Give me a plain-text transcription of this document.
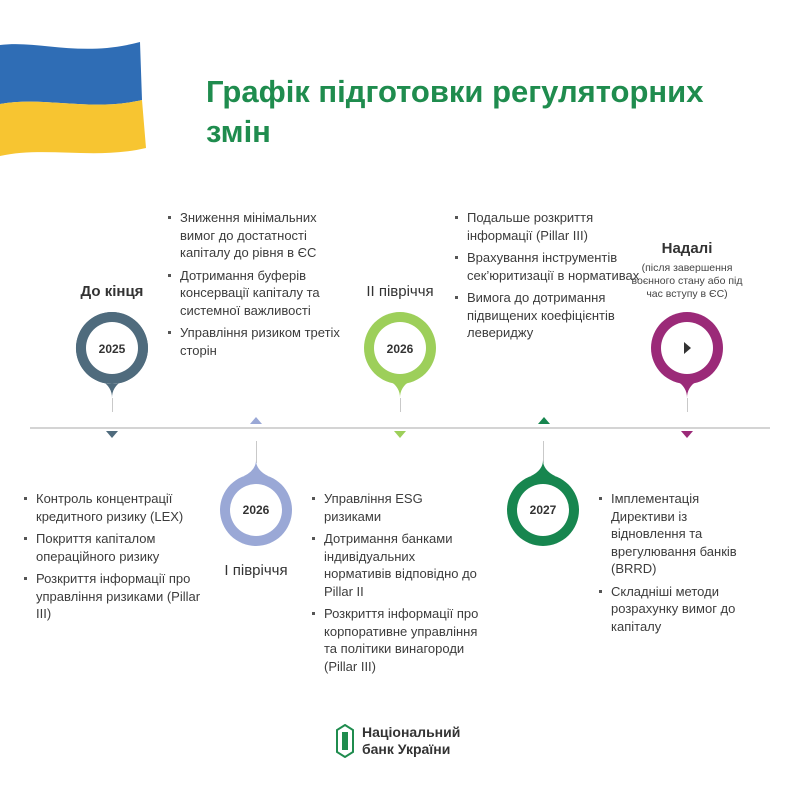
Графік підготовки регуляторних змін
До кінця
2025
2026
І півріччя
ІІ півріччя
2026
2027
Надалі
(після завершення воєнного стану або під час вступу в ЄС)
Контроль концентрації кредитного ризику (LEX)
Покриття капіталом операційного ризику
Розкриття інформації про управління ризиками (Pillar III)
Зниження мінімальних вимог до достатності капіталу до рівня в ЄС
Дотримання буферів консервації капіталу та системної важливості
Управління ризиком третіх сторін
Управління ESG ризиками
Дотримання банками індивідуальних нормативів відповідно до Pillar II
Розкриття інформації про корпоративне управління та політики винагороди (Pillar III)
Подальше розкриття інформації (Pillar III)
Врахування інструментів сек’юритизації в нормативах
Вимога до дотримання підвищених коефіцієнтів левериджу
Імплементація Директиви із відновлення та врегулювання банків (BRRD)
Складніші методи розрахунку вимог до капіталу
Національний
банк України
